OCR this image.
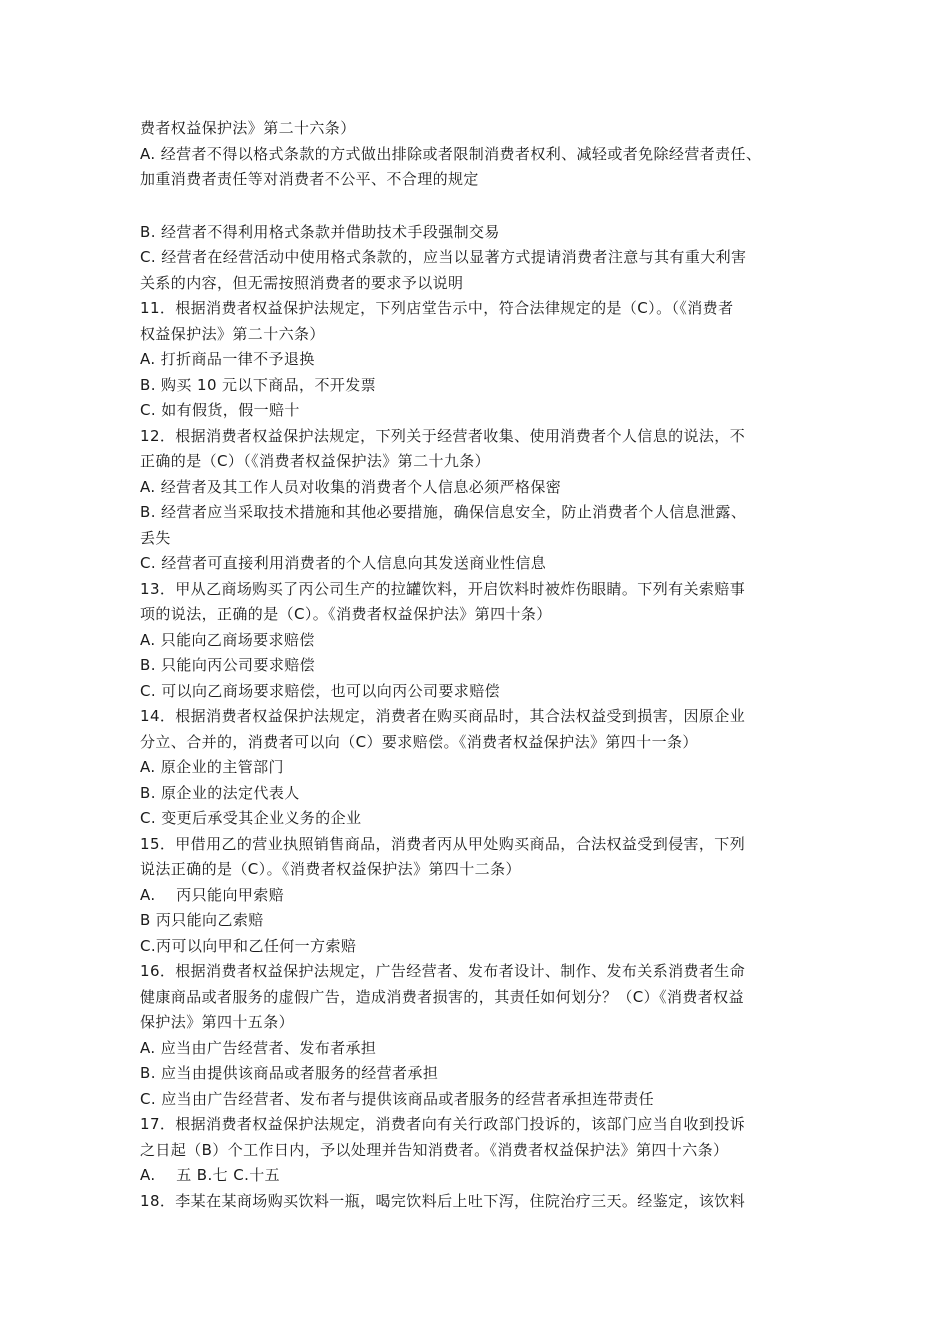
费者权益保护法》第二十六条）
A. 经营者不得以格式条款的方式做出排除或者限制消费者权利、减轻或者免除经营者责任、
加重消费者责任等对消费者不公平、不合理的规定
B. 经营者不得利用格式条款并借助技术手段强制交易
C. 经营者在经营活动中使用格式条款的，应当以显著方式提请消费者注意与其有重大利害
关系的内容，但无需按照消费者的要求予以说明
11．根据消费者权益保护法规定，下列店堂告示中，符合法律规定的是（C）。（《消费者
权益保护法》第二十六条）
A. 打折商品一律不予退换
B. 购买 10 元以下商品，不开发票
C. 如有假货，假一赔十
12．根据消费者权益保护法规定，下列关于经营者收集、使用消费者个人信息的说法，不
正确的是（C）（《消费者权益保护法》第二十九条）
A. 经营者及其工作人员对收集的消费者个人信息必须严格保密
B. 经营者应当采取技术措施和其他必要措施，确保信息安全，防止消费者个人信息泄露、
丢失
C. 经营者可直接利用消费者的个人信息向其发送商业性信息
13．甲从乙商场购买了丙公司生产的拉罐饮料，开启饮料时被炸伤眼睛。下列有关索赔事
项的说法，正确的是（C）。《消费者权益保护法》第四十条）
A. 只能向乙商场要求赔偿
B. 只能向丙公司要求赔偿
C. 可以向乙商场要求赔偿，也可以向丙公司要求赔偿
14．根据消费者权益保护法规定，消费者在购买商品时，其合法权益受到损害，因原企业
分立、合并的，消费者可以向（C）要求赔偿。《消费者权益保护法》第四十一条）
A. 原企业的主管部门
B. 原企业的法定代表人
C. 变更后承受其企业义务的企业
15．甲借用乙的营业执照销售商品，消费者丙从甲处购买商品，合法权益受到侵害，下列
说法正确的是（C）。《消费者权益保护法》第四十二条）
A.    丙只能向甲索赔
B 丙只能向乙索赔
C.丙可以向甲和乙任何一方索赔
16．根据消费者权益保护法规定，广告经营者、发布者设计、制作、发布关系消费者生命
健康商品或者服务的虚假广告，造成消费者损害的，其责任如何划分？（C）《消费者权益
保护法》第四十五条）
A. 应当由广告经营者、发布者承担
B. 应当由提供该商品或者服务的经营者承担
C. 应当由广告经营者、发布者与提供该商品或者服务的经营者承担连带责任
17．根据消费者权益保护法规定，消费者向有关行政部门投诉的，该部门应当自收到投诉
之日起（B）个工作日内，予以处理并告知消费者。《消费者权益保护法》第四十六条）
A.    五 B.七 C.十五
18．李某在某商场购买饮料一瓶，喝完饮料后上吐下泻，住院治疗三天。经鉴定，该饮料
